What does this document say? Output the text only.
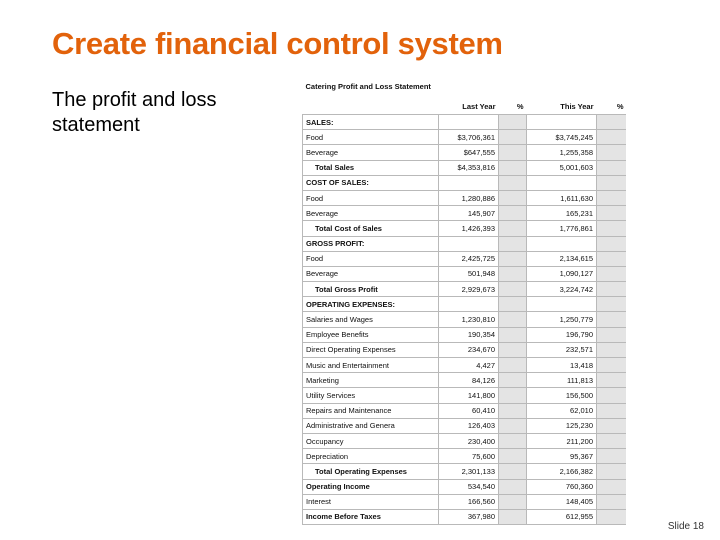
Create financial control system
The profit and loss statement
Catering Profit and Loss Statement				
	Last Year	%	This Year	%
SALES:				
Food	$3,706,361		$3,745,245	
Beverage	$647,555		1,255,358	
Total Sales	$4,353,816		5,001,603	
COST OF SALES:				
Food	1,280,886		1,611,630	
Beverage	145,907		165,231	
Total Cost of Sales	1,426,393		1,776,861	
GROSS PROFIT:				
Food	2,425,725		2,134,615	
Beverage	501,948		1,090,127	
Total Gross Profit	2,929,673		3,224,742	
OPERATING EXPENSES:				
Salaries and Wages	1,230,810		1,250,779	
Employee Benefits	190,354		196,790	
Direct Operating Expenses	234,670		232,571	
Music and Entertainment	4,427		13,418	
Marketing	84,126		111,813	
Utility Services	141,800		156,500	
Repairs and Maintenance	60,410		62,010	
Administrative and Genera	126,403		125,230	
Occupancy	230,400		211,200	
Depreciation	75,600		95,367	
Total Operating Expenses	2,301,133		2,166,382	
Operating Income	534,540		760,360	
Interest	166,560		148,405	
Income Before Taxes	367,980		612,955	
Slide 18
